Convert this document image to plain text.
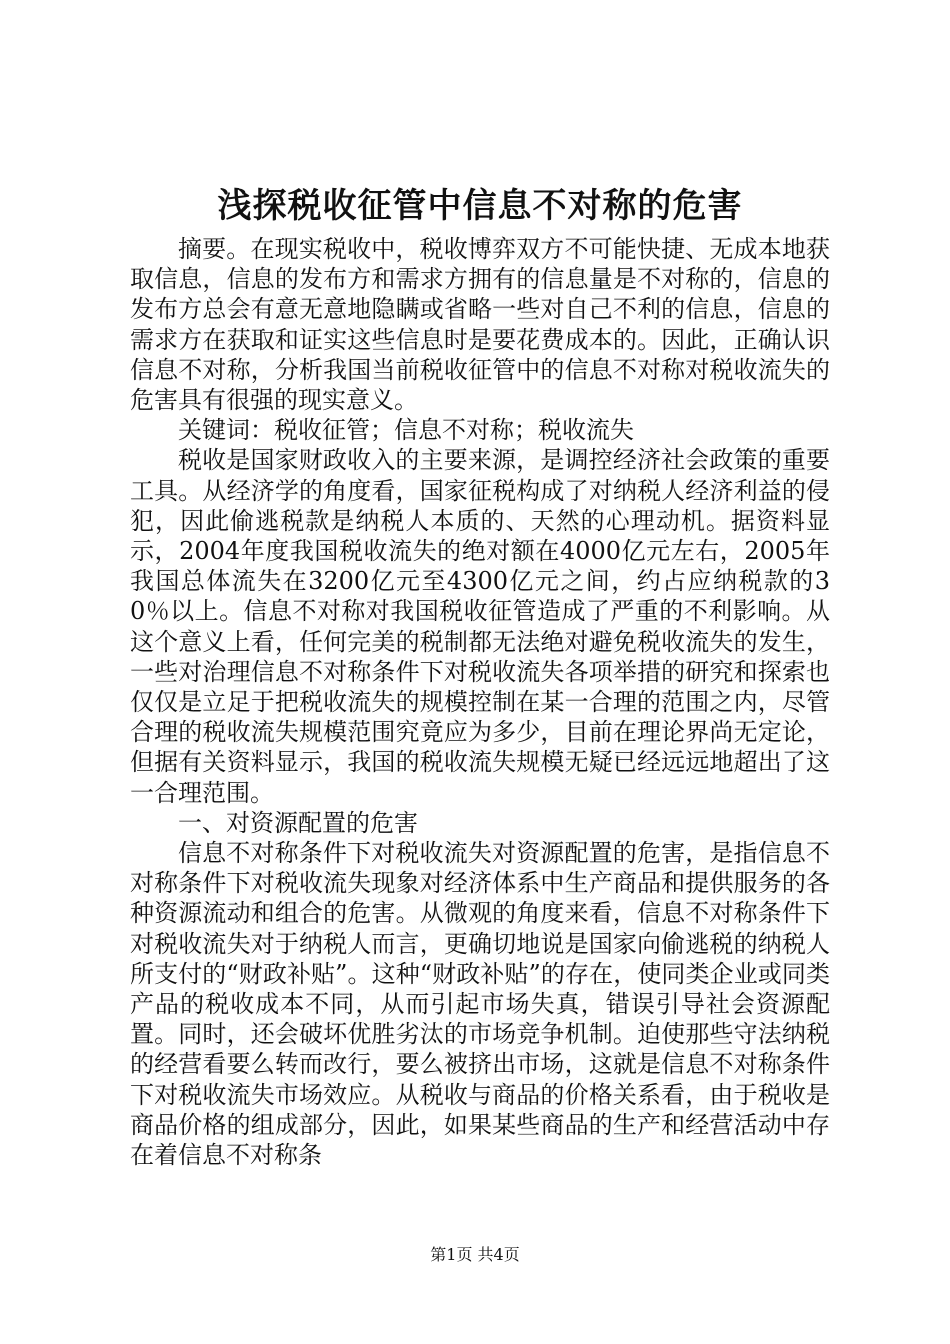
浅探税收征管中信息不对称的危害

摘要。在现实税收中，税收博弈双方不可能快捷、无成本地获取信息，信息的发布方和需求方拥有的信息量是不对称的，信息的发布方总会有意无意地隐瞒或省略一些对自己不利的信息，信息的需求方在获取和证实这些信息时是要花费成本的。因此，正确认识信息不对称，分析我国当前税收征管中的信息不对称对税收流失的危害具有很强的现实意义。

关键词：税收征管；信息不对称；税收流失

税收是国家财政收入的主要来源，是调控经济社会政策的重要工具。从经济学的角度看，国家征税构成了对纳税人经济利益的侵犯，因此偷逃税款是纳税人本质的、天然的心理动机。据资料显示，2004年度我国税收流失的绝对额在4000亿元左右，2005年我国总体流失在3200亿元至4300亿元之间，约占应纳税款的30％以上。信息不对称对我国税收征管造成了严重的不利影响。从这个意义上看，任何完美的税制都无法绝对避免税收流失的发生，一些对治理信息不对称条件下对税收流失各项举措的研究和探索也仅仅是立足于把税收流失的规模控制在某一合理的范围之内，尽管合理的税收流失规模范围究竟应为多少，目前在理论界尚无定论，但据有关资料显示，我国的税收流失规模无疑已经远远地超出了这一合理范围。

一、对资源配置的危害

信息不对称条件下对税收流失对资源配置的危害，是指信息不对称条件下对税收流失现象对经济体系中生产商品和提供服务的各种资源流动和组合的危害。从微观的角度来看，信息不对称条件下对税收流失对于纳税人而言，更确切地说是国家向偷逃税的纳税人所支付的“财政补贴”。这种“财政补贴”的存在，使同类企业或同类产品的税收成本不同，从而引起市场失真，错误引导社会资源配置。同时，还会破坏优胜劣汰的市场竞争机制。迫使那些守法纳税的经营看要么转而改行，要么被挤出市场，这就是信息不对称条件下对税收流失市场效应。从税收与商品的价格关系看，由于税收是商品价格的组成部分，因此，如果某些商品的生产和经营活动中存在着信息不对称条

第1页 共4页
